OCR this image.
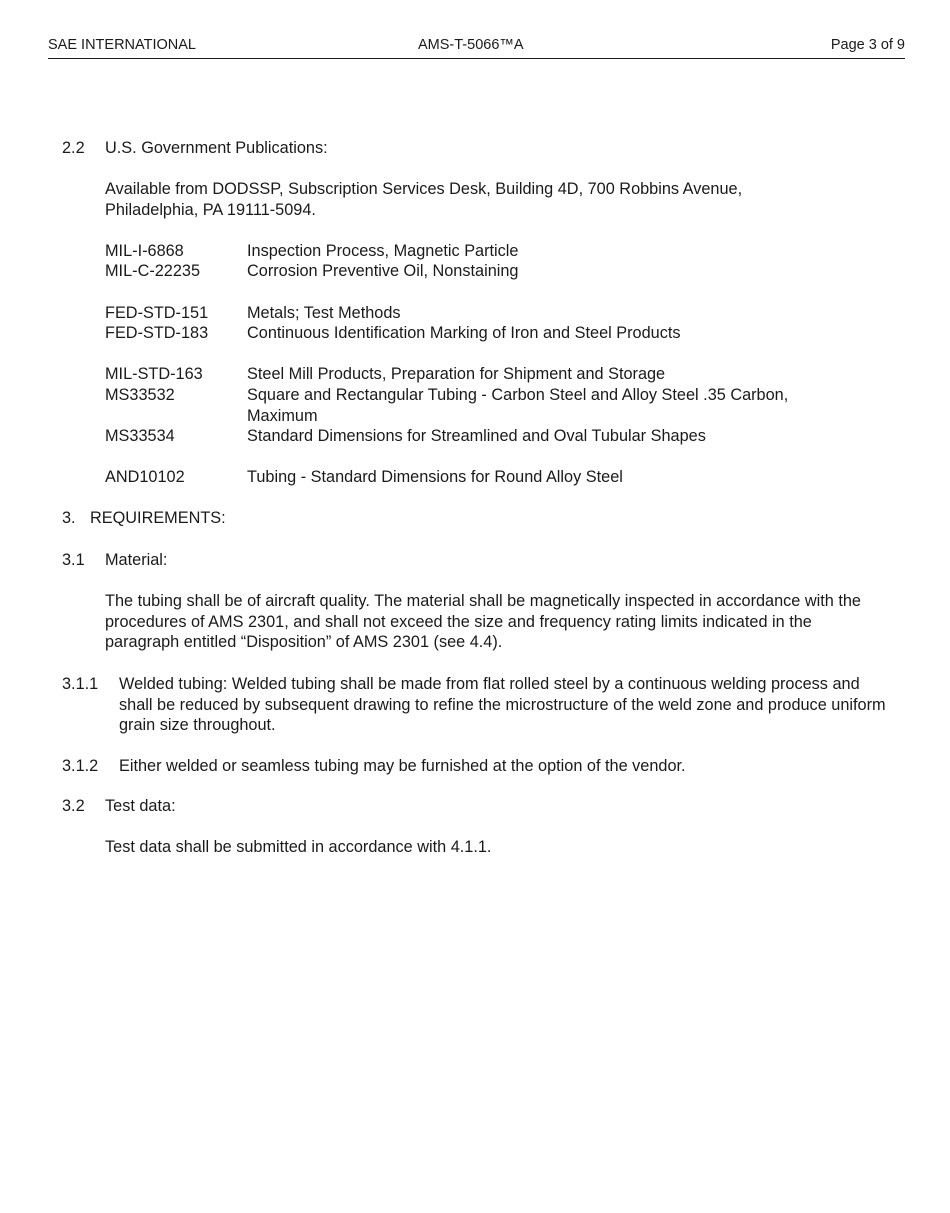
SAE INTERNATIONAL	AMS-T-5066™A	Page 3 of 9
2.2 U.S. Government Publications:
Available from DODSSP, Subscription Services Desk, Building 4D, 700 Robbins Avenue, Philadelphia, PA 19111-5094.
MIL-I-6868	Inspection Process, Magnetic Particle
MIL-C-22235	Corrosion Preventive Oil, Nonstaining
FED-STD-151 Metals; Test Methods
FED-STD-183 Continuous Identification Marking of Iron and Steel Products
MIL-STD-163	Steel Mill Products, Preparation for Shipment and Storage
MS33532	Square and Rectangular Tubing - Carbon Steel and Alloy Steel .35 Carbon, Maximum
MS33534	Standard Dimensions for Streamlined and Oval Tubular Shapes
AND10102	Tubing - Standard Dimensions for Round Alloy Steel
3. REQUIREMENTS:
3.1 Material:
The tubing shall be of aircraft quality. The material shall be magnetically inspected in accordance with the procedures of AMS 2301, and shall not exceed the size and frequency rating limits indicated in the paragraph entitled “Disposition” of AMS 2301 (see 4.4).
3.1.1 Welded tubing: Welded tubing shall be made from flat rolled steel by a continuous welding process and shall be reduced by subsequent drawing to refine the microstructure of the weld zone and produce uniform grain size throughout.
3.1.2 Either welded or seamless tubing may be furnished at the option of the vendor.
3.2 Test data:
Test data shall be submitted in accordance with 4.1.1.
